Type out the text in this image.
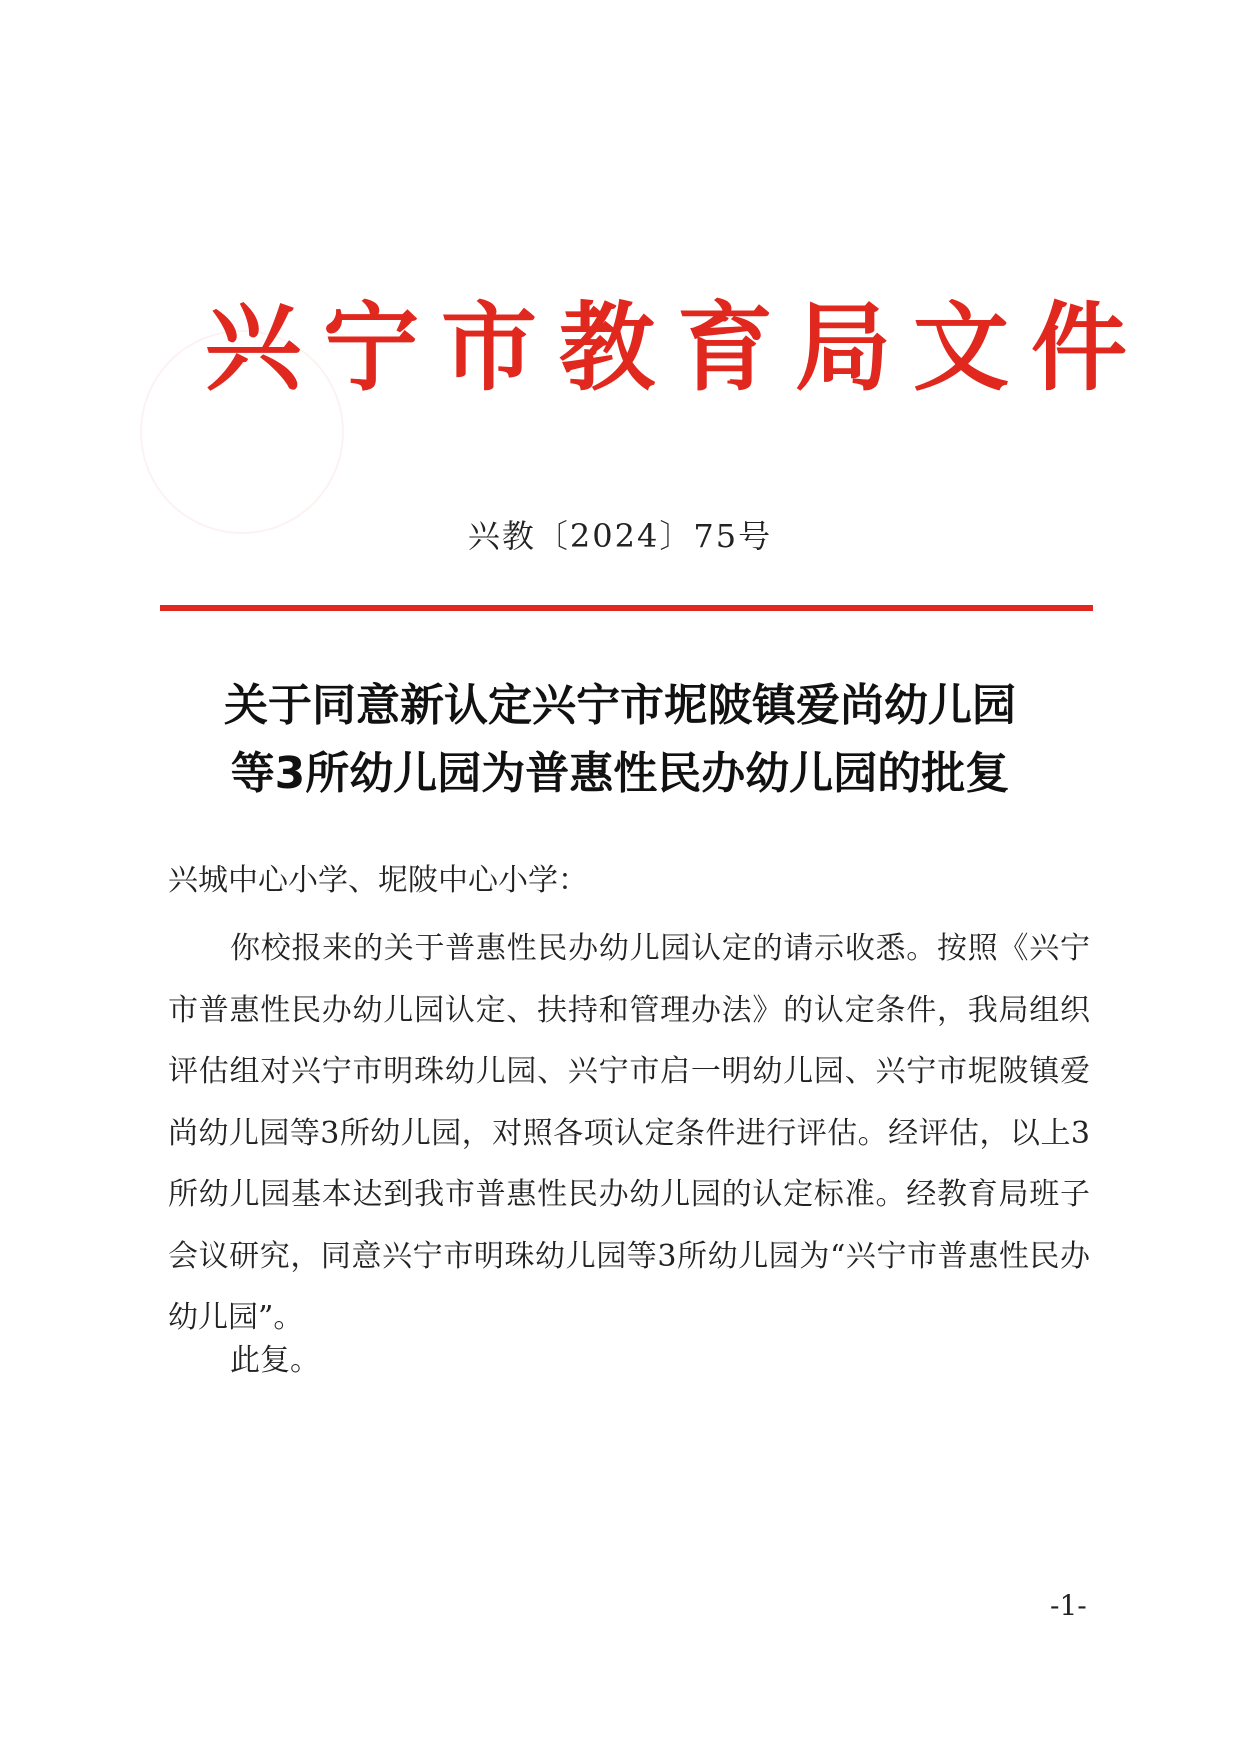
兴宁市教育局文件
兴教〔2024〕75号
关于同意新认定兴宁市坭陂镇爱尚幼儿园
等3所幼儿园为普惠性民办幼儿园的批复
兴城中心小学、坭陂中心小学：

你校报来的关于普惠性民办幼儿园认定的请示收悉。按照《兴宁市普惠性民办幼儿园认定、扶持和管理办法》的认定条件，我局组织评估组对兴宁市明珠幼儿园、兴宁市启一明幼儿园、兴宁市坭陂镇爱尚幼儿园等3所幼儿园，对照各项认定条件进行评估。经评估，以上3所幼儿园基本达到我市普惠性民办幼儿园的认定标准。经教育局班子会议研究，同意兴宁市明珠幼儿园等3所幼儿园为“兴宁市普惠性民办幼儿园”。

此复。
-1-
